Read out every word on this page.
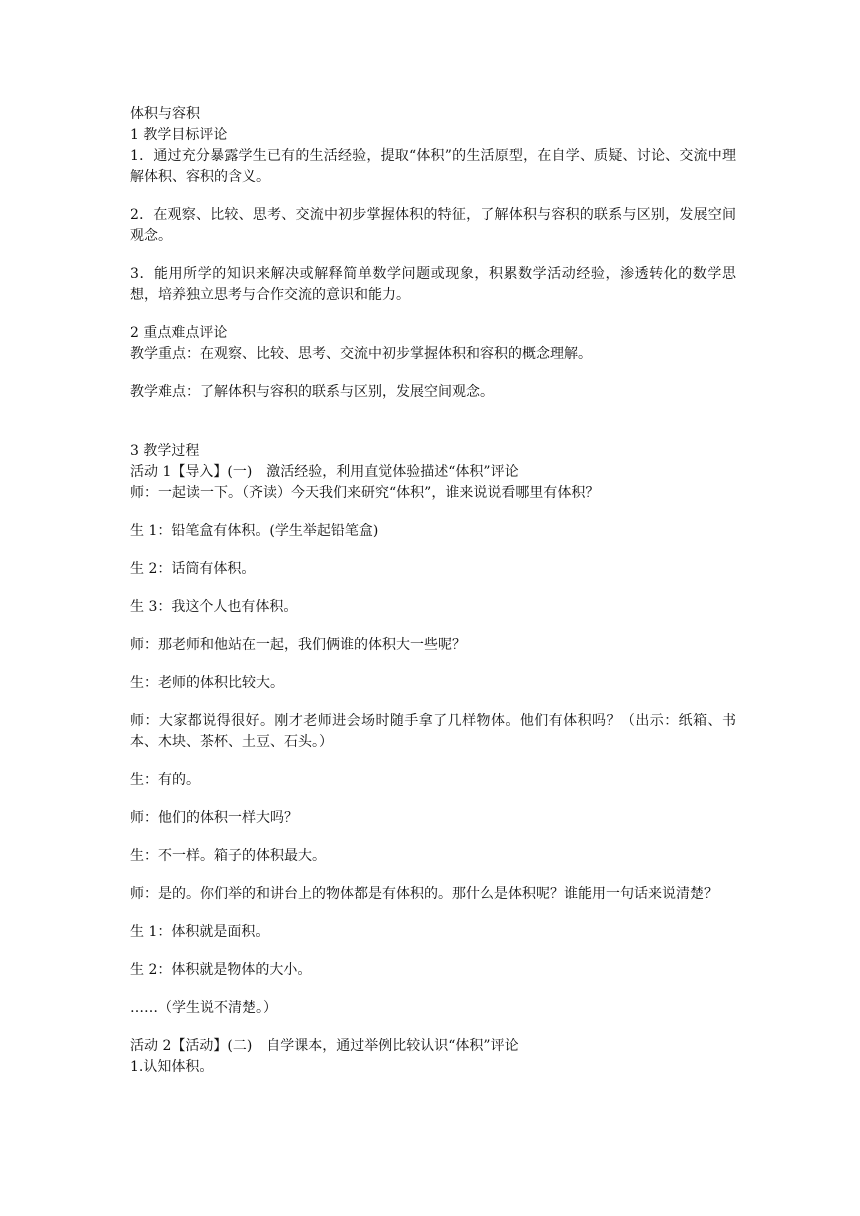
体积与容积

1 教学目标评论

1．通过充分暴露学生已有的生活经验，提取“体积”的生活原型，在自学、质疑、讨论、交流中理解体积、容积的含义。

2．在观察、比较、思考、交流中初步掌握体积的特征，了解体积与容积的联系与区别，发展空间观念。

3．能用所学的知识来解决或解释简单数学问题或现象，积累数学活动经验，渗透转化的数学思想，培养独立思考与合作交流的意识和能力。

2 重点难点评论

教学重点：在观察、比较、思考、交流中初步掌握体积和容积的概念理解。

教学难点：了解体积与容积的联系与区别，发展空间观念。

3 教学过程

活动 1【导入】(一)　激活经验，利用直觉体验描述“体积”评论

师：一起读一下。（齐读）今天我们来研究“体积”，谁来说说看哪里有体积？

生 1：铅笔盒有体积。(学生举起铅笔盒)

生 2：话筒有体积。

生 3：我这个人也有体积。

师：那老师和他站在一起，我们俩谁的体积大一些呢？

生：老师的体积比较大。

师：大家都说得很好。刚才老师进会场时随手拿了几样物体。他们有体积吗？（出示：纸箱、书本、木块、茶杯、土豆、石头。）

生：有的。

师：他们的体积一样大吗？

生：不一样。箱子的体积最大。

师：是的。你们举的和讲台上的物体都是有体积的。那什么是体积呢？谁能用一句话来说清楚？

生 1：体积就是面积。

生 2：体积就是物体的大小。

……（学生说不清楚。）

活动 2【活动】(二)　自学课本，通过举例比较认识“体积”评论

1.认知体积。
